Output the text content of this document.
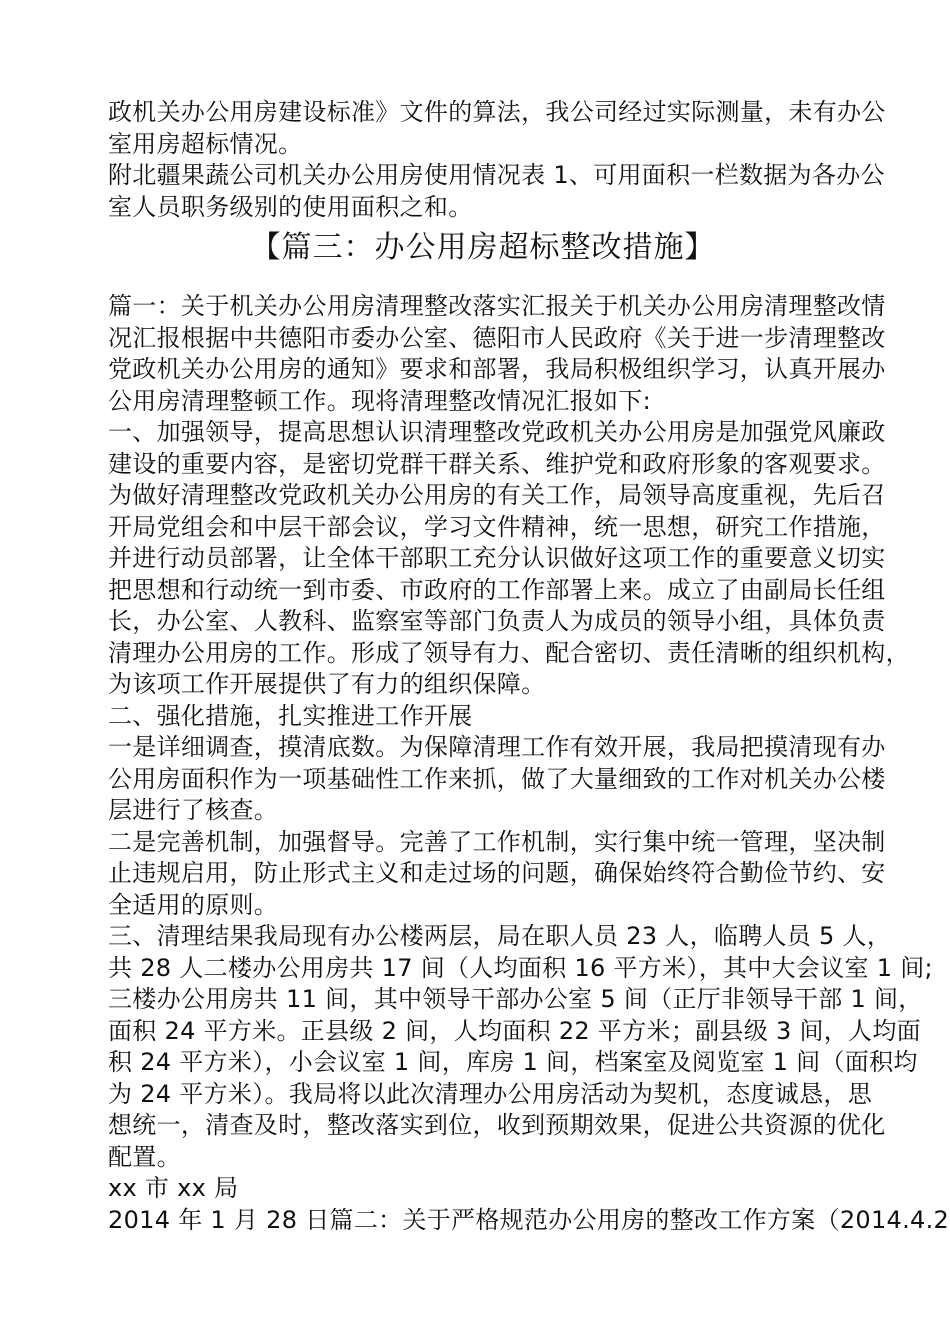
政机关办公用房建设标准》文件的算法，我公司经过实际测量，未有办公
室用房超标情况。
附北疆果蔬公司机关办公用房使用情况表 1、可用面积一栏数据为各办公
室人员职务级别的使用面积之和。
【篇三：办公用房超标整改措施】
篇一：关于机关办公用房清理整改落实汇报关于机关办公用房清理整改情
况汇报根据中共德阳市委办公室、德阳市人民政府《关于进一步清理整改
党政机关办公用房的通知》要求和部署，我局积极组织学习，认真开展办
公用房清理整顿工作。现将清理整改情况汇报如下:
一、加强领导，提高思想认识清理整改党政机关办公用房是加强党风廉政
建设的重要内容，是密切党群干群关系、维护党和政府形象的客观要求。
为做好清理整改党政机关办公用房的有关工作，局领导高度重视，先后召
开局党组会和中层干部会议，学习文件精神，统一思想，研究工作措施，
并进行动员部署，让全体干部职工充分认识做好这项工作的重要意义切实
把思想和行动统一到市委、市政府的工作部署上来。成立了由副局长任组
长，办公室、人教科、监察室等部门负责人为成员的领导小组，具体负责
清理办公用房的工作。形成了领导有力、配合密切、责任清晰的组织机构，
为该项工作开展提供了有力的组织保障。
二、强化措施，扎实推进工作开展
一是详细调查，摸清底数。为保障清理工作有效开展，我局把摸清现有办
公用房面积作为一项基础性工作来抓，做了大量细致的工作对机关办公楼
层进行了核查。
二是完善机制，加强督导。完善了工作机制，实行集中统一管理，坚决制
止违规启用，防止形式主义和走过场的问题，确保始终符合勤俭节约、安
全适用的原则。
三、清理结果我局现有办公楼两层，局在职人员 23 人，临聘人员 5 人，
共 28 人二楼办公用房共 17 间（人均面积 16 平方米），其中大会议室 1 间;
三楼办公用房共 11 间，其中领导干部办公室 5 间（正厅非领导干部 1 间，
面积 24 平方米。正县级 2 间，人均面积 22 平方米；副县级 3 间，人均面
积 24 平方米），小会议室 1 间，库房 1 间，档案室及阅览室 1 间（面积均
为 24 平方米）。我局将以此次清理办公用房活动为契机，态度诚恳，思
想统一，清查及时，整改落实到位，收到预期效果，促进公共资源的优化
配置。
xx 市 xx 局
2014 年 1 月 28 日篇二：关于严格规范办公用房的整改工作方案（2014.4.2
